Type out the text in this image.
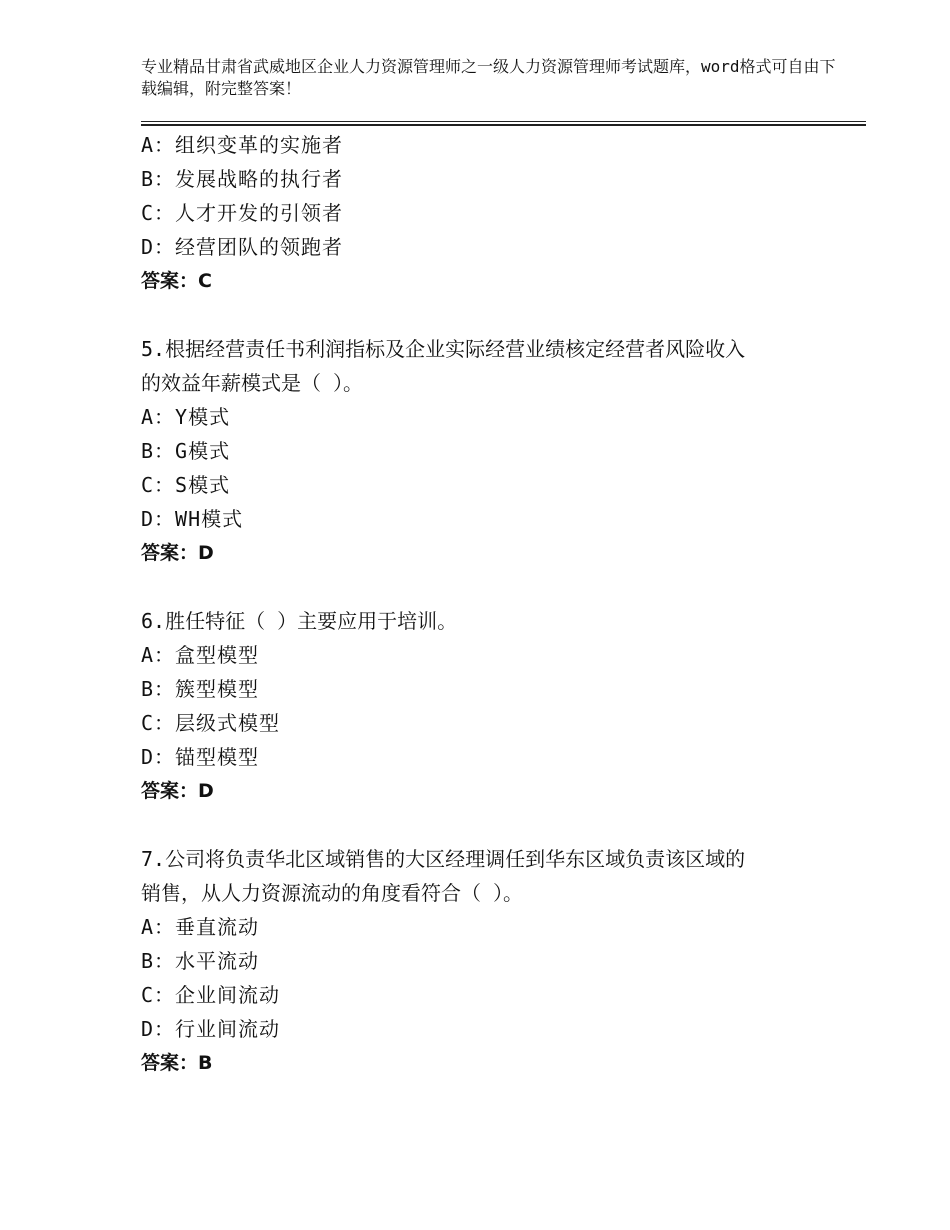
专业精品甘肃省武威地区企业人力资源管理师之一级人力资源管理师考试题库，word格式可自由下载编辑，附完整答案！
A：组织变革的实施者
B：发展战略的执行者
C：人才开发的引领者
D：经营团队的领跑者
答案：C
5.根据经营责任书利润指标及企业实际经营业绩核定经营者风险收入
的效益年薪模式是（ ）。
A：Y模式
B：G模式
C：S模式
D：WH模式
答案：D
6.胜任特征（ ）主要应用于培训。
A：盒型模型
B：簇型模型
C：层级式模型
D：锚型模型
答案：D
7.公司将负责华北区域销售的大区经理调任到华东区域负责该区域的
销售，从人力资源流动的角度看符合（ ）。
A：垂直流动
B：水平流动
C：企业间流动
D：行业间流动
答案：B
